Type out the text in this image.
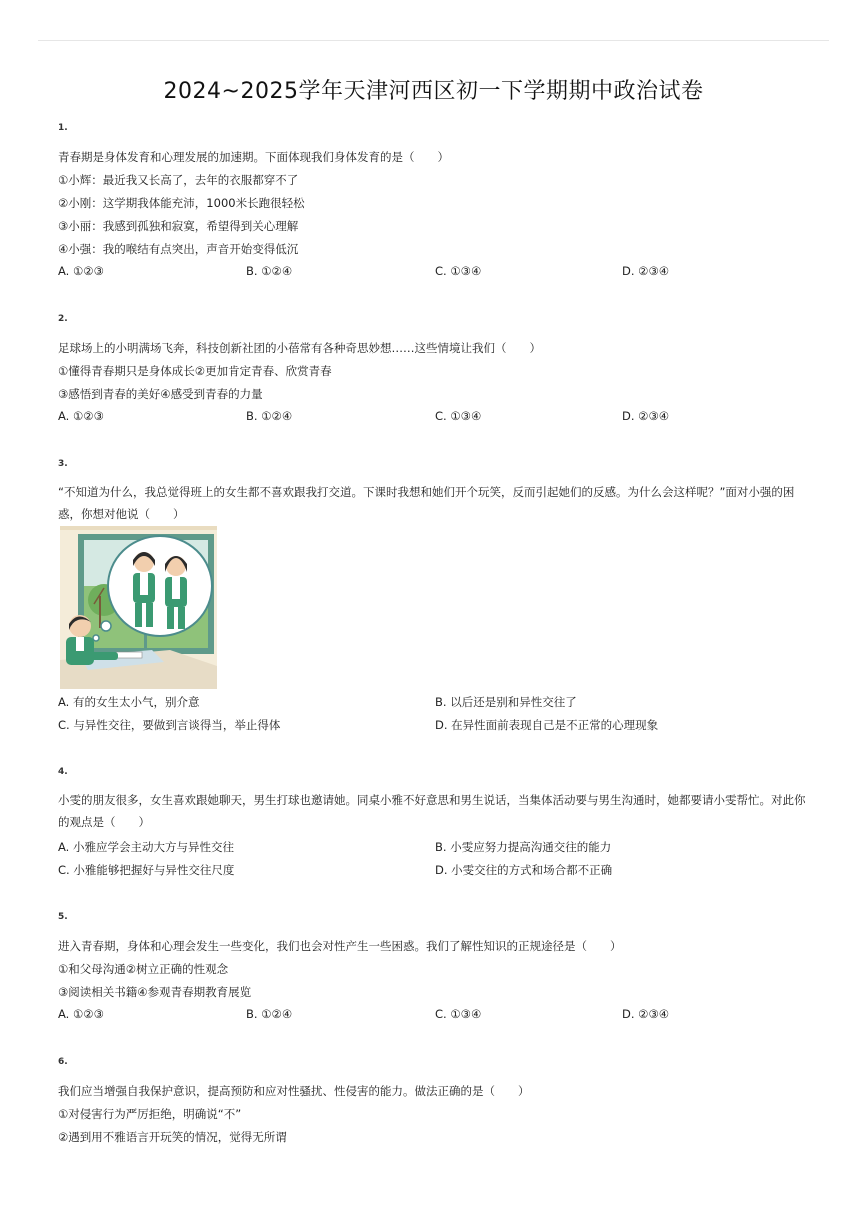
2024~2025学年天津河西区初一下学期期中政治试卷
1.
青春期是身体发育和心理发展的加速期。下面体现我们身体发育的是（　　）
①小辉：最近我又长高了，去年的衣服都穿不了
②小刚：这学期我体能充沛，1000米长跑很轻松
③小丽：我感到孤独和寂寞，希望得到关心理解
④小强：我的喉结有点突出，声音开始变得低沉
A. ①②③	B. ①②④	C. ①③④	D. ②③④
2.
足球场上的小明满场飞奔，科技创新社团的小蓓常有各种奇思妙想……这些情境让我们（　　）
①懂得青春期只是身体成长②更加肯定青春、欣赏青春
③感悟到青春的美好④感受到青春的力量
A. ①②③	B. ①②④	C. ①③④	D. ②③④
3.
“不知道为什么，我总觉得班上的女生都不喜欢跟我打交道。下课时我想和她们开个玩笑，反而引起她们的反感。为什么会这样呢？”面对小强的困惑，你想对他说（　　）
A. 有的女生太小气，别介意	B. 以后还是别和异性交往了
C. 与异性交往，要做到言谈得当，举止得体	D. 在异性面前表现自己是不正常的心理现象
4.
小雯的朋友很多，女生喜欢跟她聊天，男生打球也邀请她。同桌小雅不好意思和男生说话，当集体活动要与男生沟通时，她都要请小雯帮忙。对此你的观点是（　　）
A. 小雅应学会主动大方与异性交往	B. 小雯应努力提高沟通交往的能力
C. 小雅能够把握好与异性交往尺度	D. 小雯交往的方式和场合都不正确
5.
进入青春期，身体和心理会发生一些变化，我们也会对性产生一些困惑。我们了解性知识的正规途径是（　　）
①和父母沟通②树立正确的性观念
③阅读相关书籍④参观青春期教育展览
A. ①②③	B. ①②④	C. ①③④	D. ②③④
6.
我们应当增强自我保护意识，提高预防和应对性骚扰、性侵害的能力。做法正确的是（　　）
①对侵害行为严厉拒绝，明确说“不”
②遇到用不雅语言开玩笑的情况，觉得无所谓
